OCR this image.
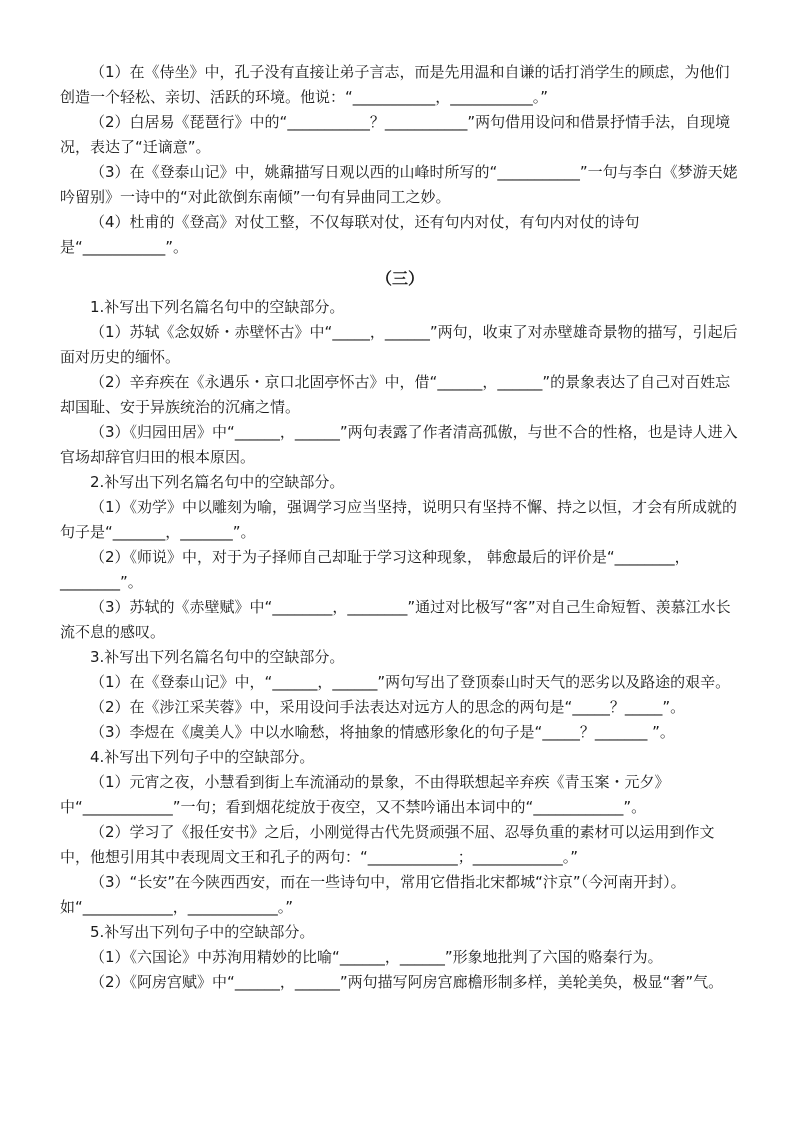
（1）在《侍坐》中，孔子没有直接让弟子言志，而是先用温和自谦的话打消学生的顾虑，为他们创造一个轻松、亲切、活跃的环境。他说：“___________，___________。”

（2）白居易《琵琶行》中的“___________？___________”两句借用设问和借景抒情手法，自现境况，表达了“迁谪意”。

（3）在《登泰山记》中，姚鼐描写日观以西的山峰时所写的“___________”一句与李白《梦游天姥吟留别》一诗中的“对此欲倒东南倾”一句有异曲同工之妙。

（4）杜甫的《登高》对仗工整，不仅每联对仗，还有句内对仗，有句内对仗的诗句是“___________”。

（三）

1.补写出下列名篇名句中的空缺部分。

（1）苏轼《念奴娇・赤壁怀古》中“_____，______”两句，收束了对赤壁雄奇景物的描写，引起后面对历史的缅怀。

（2）辛弃疾在《永遇乐・京口北固亭怀古》中，借“______，______”的景象表达了自己对百姓忘却国耻、安于异族统治的沉痛之情。

（3）《归园田居》中“______，______”两句表露了作者清高孤傲，与世不合的性格，也是诗人进入官场却辞官归田的根本原因。

2.补写出下列名篇名句中的空缺部分。

（1）《劝学》中以雕刻为喻，强调学习应当坚持，说明只有坚持不懈、持之以恒，才会有所成就的句子是“_______，_______”。

（2）《师说》中，对于为子择师自己却耻于学习这种现象， 韩愈最后的评价是“________，________”。

（3）苏轼的《赤壁赋》中“________，________”通过对比极写“客”对自己生命短暂、羡慕江水长流不息的感叹。

3.补写出下列名篇名句中的空缺部分。

（1）在《登泰山记》中，“______，______”两句写出了登顶泰山时天气的恶劣以及路途的艰辛。

（2）在《涉江采芙蓉》中，采用设问手法表达对远方人的思念的两句是“_____？_____”。

（3）李煜在《虞美人》中以水喻愁，将抽象的情感形象化的句子是“_____？_______ ”。

4.补写出下列句子中的空缺部分。

（1）元宵之夜，小慧看到街上车流涌动的景象，不由得联想起辛弃疾《青玉案・元夕》中“____________”一句；看到烟花绽放于夜空，又不禁吟诵出本词中的“____________”。

（2）学习了《报任安书》之后，小刚觉得古代先贤顽强不屈、忍辱负重的素材可以运用到作文中，他想引用其中表现周文王和孔子的两句：“____________；____________。”

（3）“长安”在今陕西西安，而在一些诗句中，常用它借指北宋都城“汴京”（今河南开封）。如“____________，____________。”

5.补写出下列句子中的空缺部分。

（1）《六国论》中苏洵用精妙的比喻“______，______”形象地批判了六国的赂秦行为。

（2）《阿房宫赋》中“______，______”两句描写阿房宫廊檐形制多样，美轮美奂，极显“奢”气。
